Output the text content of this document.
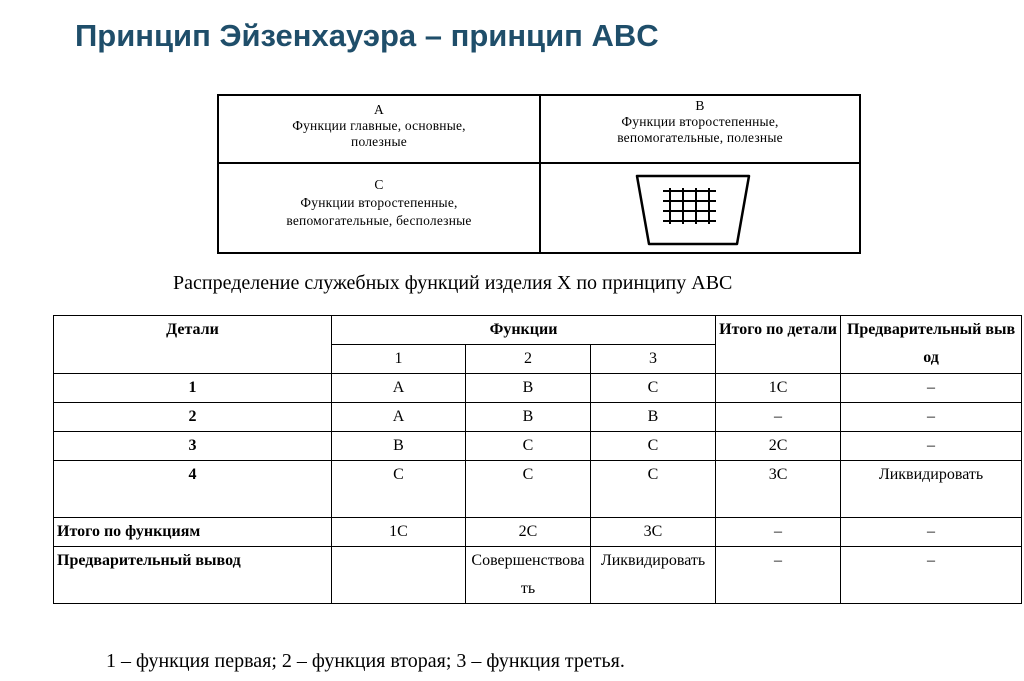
Принцип Эйзенхауэра – принцип ABC
A
Функции главные, основные,
полезные
B
Функции второстепенные,
вепомогательные, полезные
C
Функции второстепенные,
вепомогательные, бесполезные
Распределение служебных функций изделия X по принципу ABC
Детали	Функции			Итого по детали	Предварительный вывод
	1	2	3		
1	A	B	C	1C	–
2	A	B	B	–	–
3	B	C	C	2C	–
4	C	C	C	3C	Ликвидировать
Итого по функциям	1C	2C	3C	–	–
Предварительный вывод		Совершенствовать	Ликвидировать	–	–
1 – функция первая; 2 – функция вторая; 3 – функция третья.
